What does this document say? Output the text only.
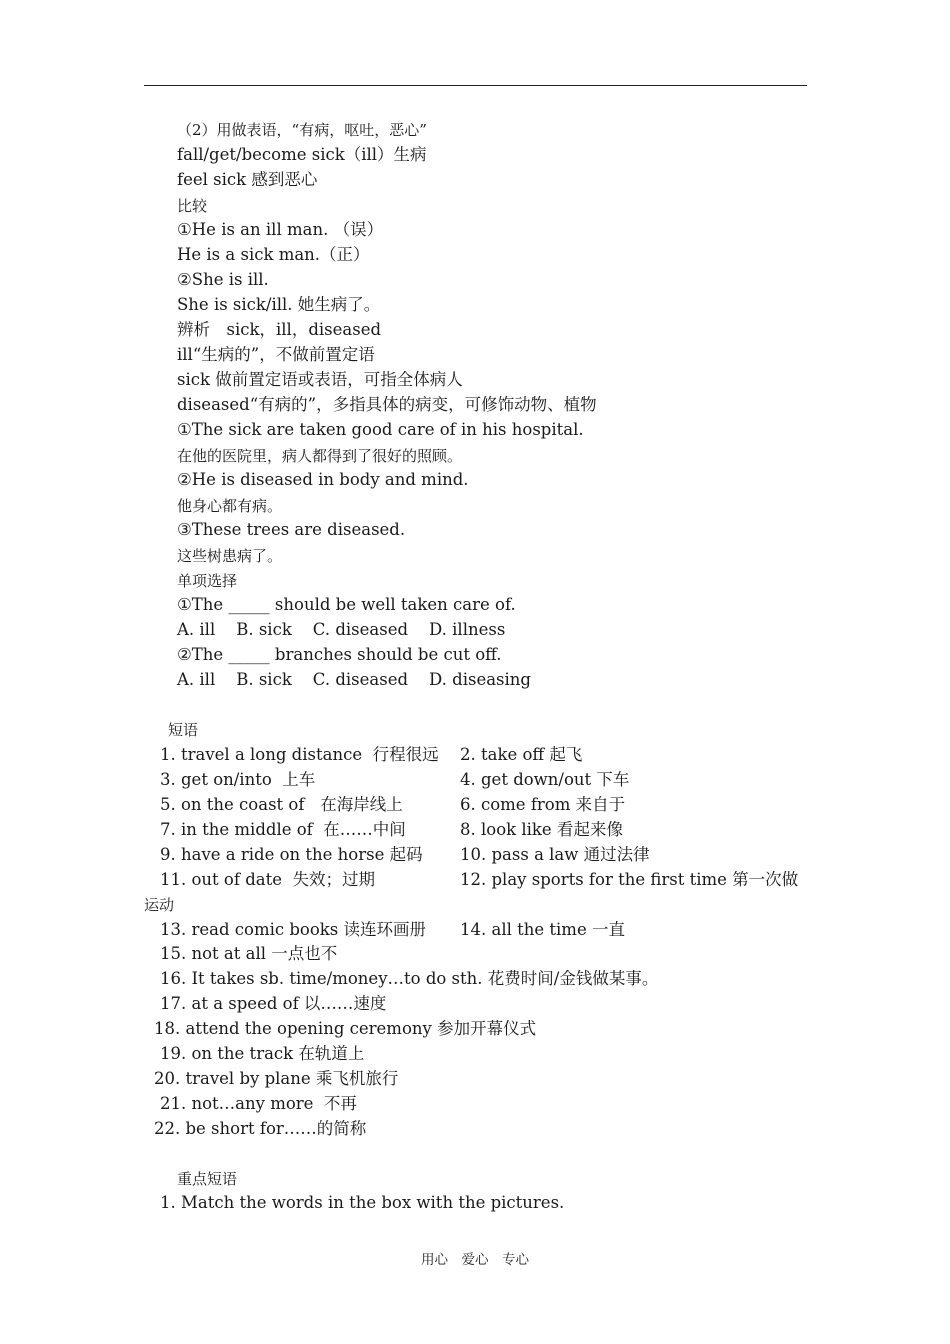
（2）用做表语，“有病，呕吐，恶心”
fall/get/become sick（ill）生病
feel sick 感到恶心
比较
①He is an ill man. （误）
He is a sick man.（正）
②She is ill.
She is sick/ill. 她生病了。
辨析　sick，ill，diseased
ill“生病的”，不做前置定语
sick 做前置定语或表语，可指全体病人
diseased“有病的”，多指具体的病变，可修饰动物、植物
①The sick are taken good care of in his hospital.
在他的医院里，病人都得到了很好的照顾。
②He is diseased in body and mind.
他身心都有病。
③These trees are diseased.
这些树患病了。
单项选择
①The _____ should be well taken care of.
A. ill    B. sick    C. diseased    D. illness
②The _____ branches should be cut off.
A. ill    B. sick    C. diseased    D. diseasing
短语
1. travel a long distance  行程很远 2. take off 起飞
3. get on/into  上车	4. get down/out 下车
5. on the coast of   在海岸线上	6. come from 来自于
7. in the middle of  在……中间	8. look like 看起来像
9. have a ride on the horse 起码 10. pass a law 通过法律
11. out of date  失效；过期	12. play sports for the first time 第一次做
运动
13. read comic books 读连环画册 14. all the time 一直
15. not at all 一点也不
16. It takes sb. time/money…to do sth. 花费时间/金钱做某事。
17. at a speed of 以……速度
18. attend the opening ceremony 参加开幕仪式
19. on the track 在轨道上
20. travel by plane 乘飞机旅行
21. not…any more  不再
22. be short for……的简称
重点短语
1. Match the words in the box with the pictures.
用心　爱心　专心
